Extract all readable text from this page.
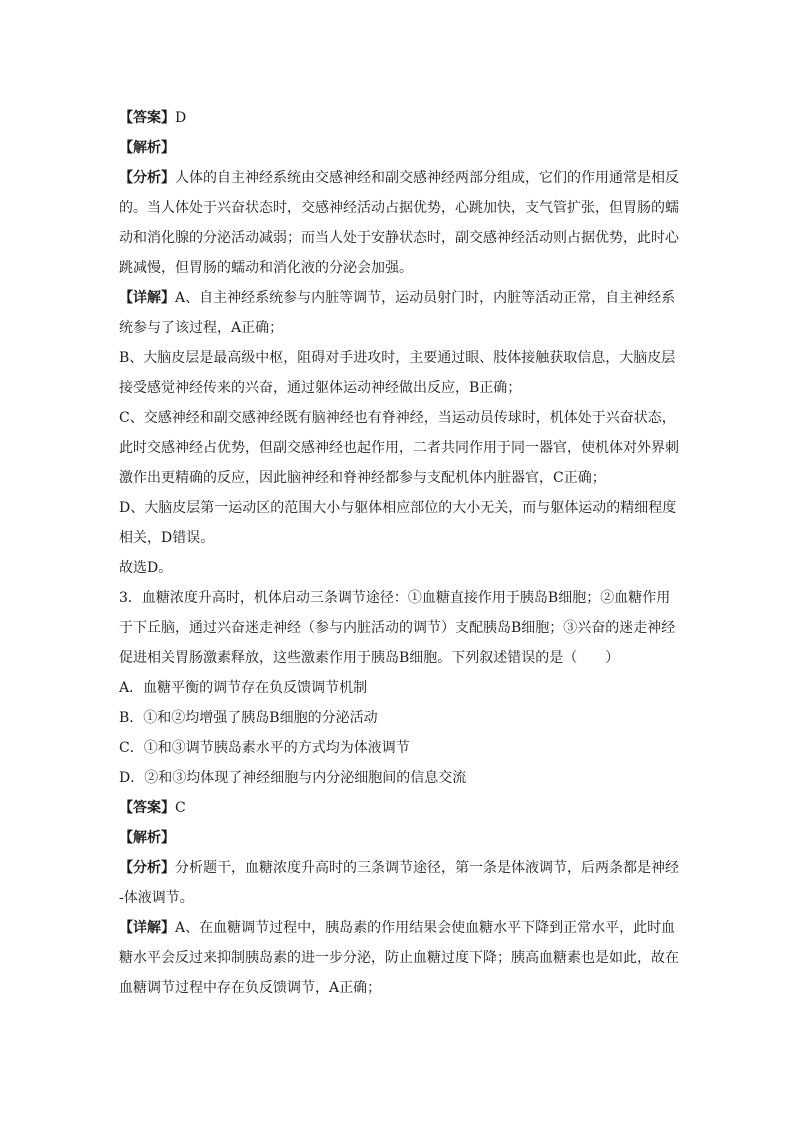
【答案】D
【解析】
【分析】人体的自主神经系统由交感神经和副交感神经两部分组成，它们的作用通常是相反
的。当人体处于兴奋状态时，交感神经活动占据优势，心跳加快，支气管扩张，但胃肠的蠕
动和消化腺的分泌活动减弱；而当人处于安静状态时，副交感神经活动则占据优势，此时心
跳减慢，但胃肠的蠕动和消化液的分泌会加强。
【详解】A、自主神经系统参与内脏等调节，运动员射门时，内脏等活动正常，自主神经系
统参与了该过程，A正确；
B、大脑皮层是最高级中枢，阻碍对手进攻时，主要通过眼、肢体接触获取信息，大脑皮层
接受感觉神经传来的兴奋，通过躯体运动神经做出反应，B正确；
C、交感神经和副交感神经既有脑神经也有脊神经，当运动员传球时，机体处于兴奋状态，
此时交感神经占优势，但副交感神经也起作用，二者共同作用于同一器官，使机体对外界刺
激作出更精确的反应，因此脑神经和脊神经都参与支配机体内脏器官，C正确；
D、大脑皮层第一运动区的范围大小与躯体相应部位的大小无关，而与躯体运动的精细程度
相关，D错误。
故选D。
3．血糖浓度升高时，机体启动三条调节途径：①血糖直接作用于胰岛B细胞；②血糖作用
于下丘脑，通过兴奋迷走神经（参与内脏活动的调节）支配胰岛B细胞；③兴奋的迷走神经
促进相关胃肠激素释放，这些激素作用于胰岛B细胞。下列叙述错误的是（　　）
A．血糖平衡的调节存在负反馈调节机制
B．①和②均增强了胰岛B细胞的分泌活动
C．①和③调节胰岛素水平的方式均为体液调节
D．②和③均体现了神经细胞与内分泌细胞间的信息交流
【答案】C
【解析】
【分析】分析题干，血糖浓度升高时的三条调节途径，第一条是体液调节，后两条都是神经
-体液调节。
【详解】A、在血糖调节过程中，胰岛素的作用结果会使血糖水平下降到正常水平，此时血
糖水平会反过来抑制胰岛素的进一步分泌，防止血糖过度下降；胰高血糖素也是如此，故在
血糖调节过程中存在负反馈调节，A正确；
